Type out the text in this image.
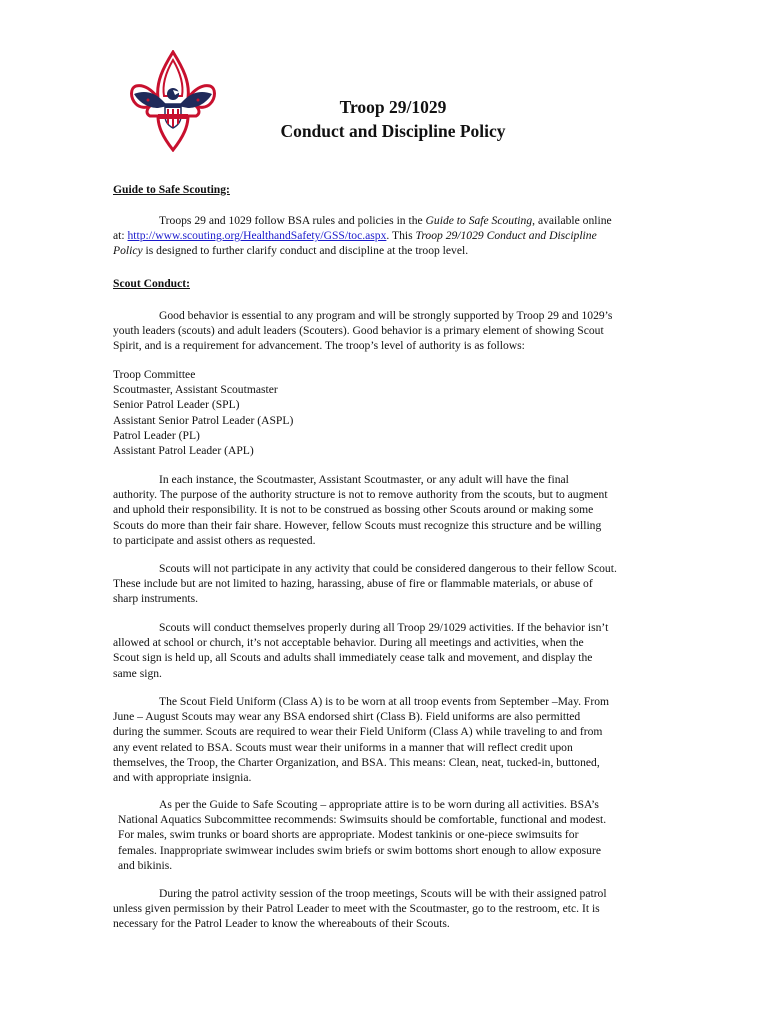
Troop 29/1029
Conduct and Discipline Policy
Guide to Safe Scouting:
Troops 29 and 1029 follow BSA rules and policies in the Guide to Safe Scouting, available online
at: http://www.scouting.org/HealthandSafety/GSS/toc.aspx. This Troop 29/1029 Conduct and Discipline
Policy is designed to further clarify conduct and discipline at the troop level.
Scout Conduct:
Good behavior is essential to any program and will be strongly supported by Troop 29 and 1029’s
youth leaders (scouts) and adult leaders (Scouters). Good behavior is a primary element of showing Scout
Spirit, and is a requirement for advancement. The troop’s level of authority is as follows:
Troop Committee
Scoutmaster, Assistant Scoutmaster
Senior Patrol Leader (SPL)
Assistant Senior Patrol Leader (ASPL)
Patrol Leader (PL)
Assistant Patrol Leader (APL)
In each instance, the Scoutmaster, Assistant Scoutmaster, or any adult will have the final
authority. The purpose of the authority structure is not to remove authority from the scouts, but to augment
and uphold their responsibility. It is not to be construed as bossing other Scouts around or making some
Scouts do more than their fair share. However, fellow Scouts must recognize this structure and be willing
to participate and assist others as requested.
Scouts will not participate in any activity that could be considered dangerous to their fellow Scout.
These include but are not limited to hazing, harassing, abuse of fire or flammable materials, or abuse of
sharp instruments.
Scouts will conduct themselves properly during all Troop 29/1029 activities. If the behavior isn’t
allowed at school or church, it’s not acceptable behavior. During all meetings and activities, when the
Scout sign is held up, all Scouts and adults shall immediately cease talk and movement, and display the
same sign.
The Scout Field Uniform (Class A) is to be worn at all troop events from September –May. From
June – August Scouts may wear any BSA endorsed shirt (Class B). Field uniforms are also permitted
during the summer. Scouts are required to wear their Field Uniform (Class A) while traveling to and from
any event related to BSA. Scouts must wear their uniforms in a manner that will reflect credit upon
themselves, the Troop, the Charter Organization, and BSA. This means: Clean, neat, tucked-in, buttoned,
and with appropriate insignia.
As per the Guide to Safe Scouting – appropriate attire is to be worn during all activities. BSA’s
National Aquatics Subcommittee recommends: Swimsuits should be comfortable, functional and modest.
For males, swim trunks or board shorts are appropriate. Modest tankinis or one-piece swimsuits for
females. Inappropriate swimwear includes swim briefs or swim bottoms short enough to allow exposure
and bikinis.
During the patrol activity session of the troop meetings, Scouts will be with their assigned patrol
unless given permission by their Patrol Leader to meet with the Scoutmaster, go to the restroom, etc. It is
necessary for the Patrol Leader to know the whereabouts of their Scouts.
